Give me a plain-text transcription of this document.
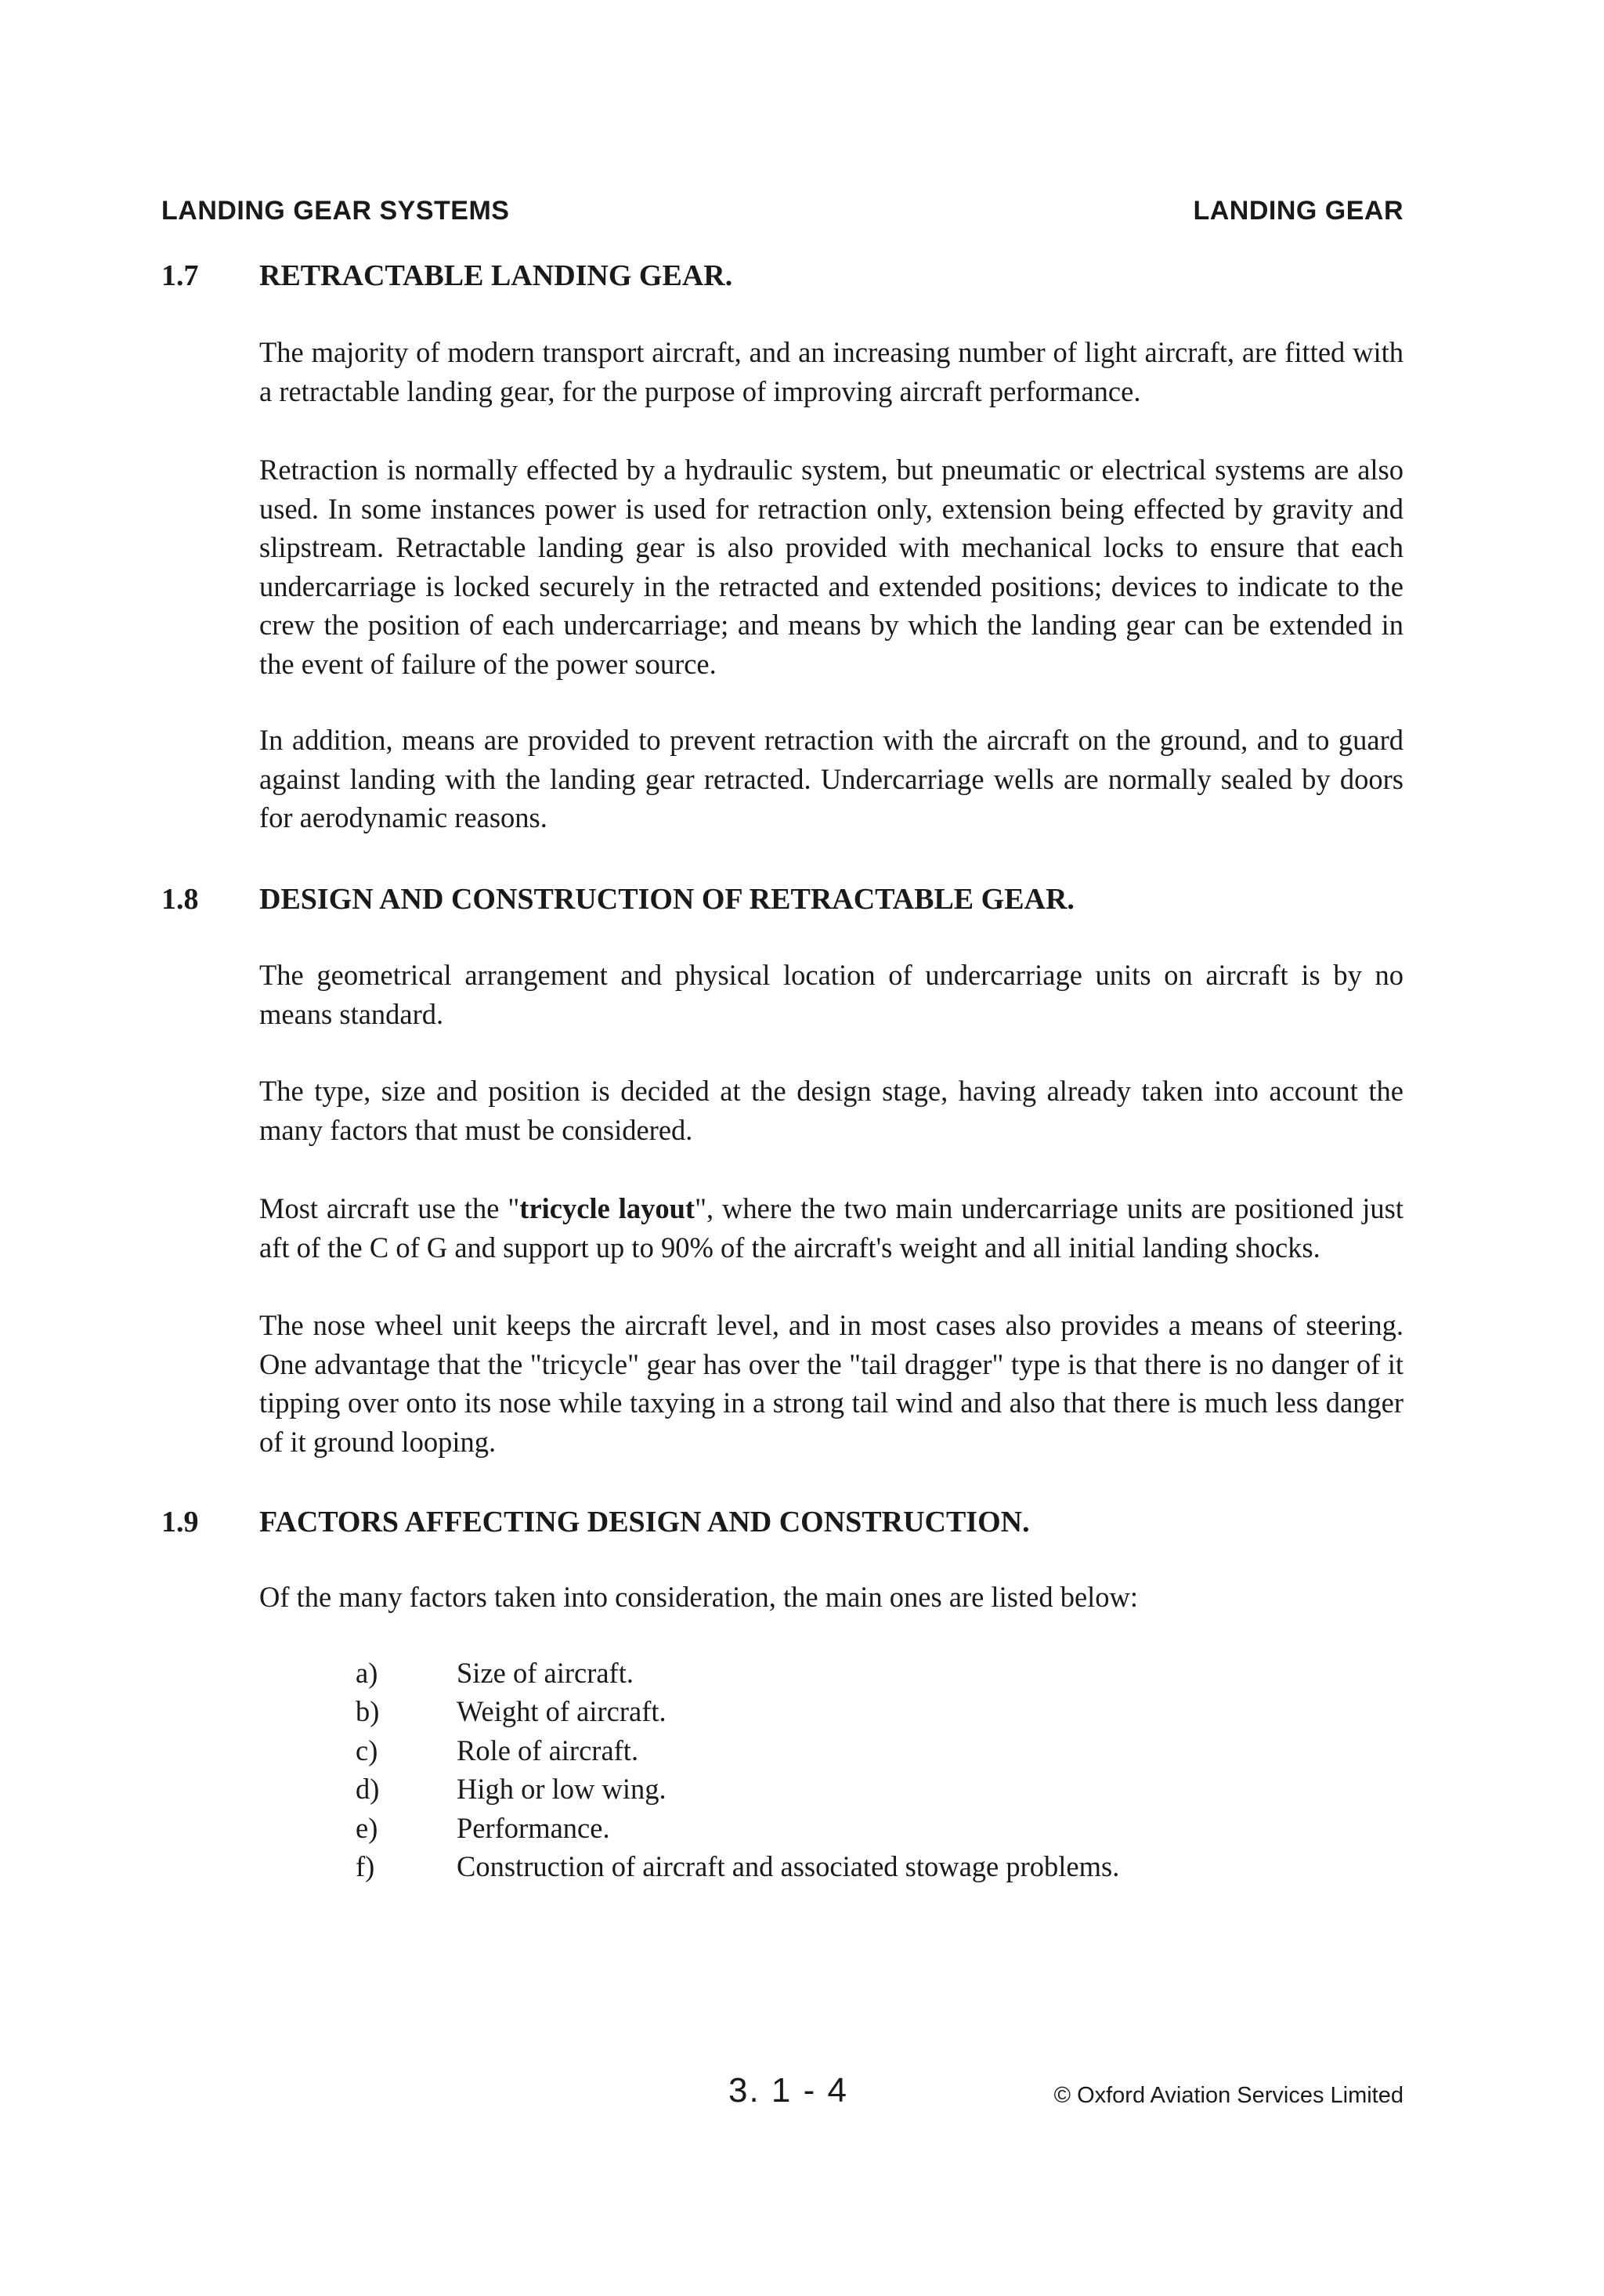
LANDING GEAR SYSTEMS	LANDING GEAR
1.7 RETRACTABLE LANDING GEAR.

The majority of modern transport aircraft, and an increasing number of light aircraft, are fitted with a retractable landing gear, for the purpose of improving aircraft performance.

Retraction is normally effected by a hydraulic system, but pneumatic or electrical systems are also used. In some instances power is used for retraction only, extension being effected by gravity and slipstream. Retractable landing gear is also provided with mechanical locks to ensure that each undercarriage is locked securely in the retracted and extended positions; devices to indicate to the crew the position of each undercarriage; and means by which the landing gear can be extended in the event of failure of the power source.

In addition, means are provided to prevent retraction with the aircraft on the ground, and to guard against landing with the landing gear retracted. Undercarriage wells are normally sealed by doors for aerodynamic reasons.

1.8 DESIGN AND CONSTRUCTION OF RETRACTABLE GEAR.

The geometrical arrangement and physical location of undercarriage units on aircraft is by no means standard.

The type, size and position is decided at the design stage, having already taken into account the many factors that must be considered.

Most aircraft use the "tricycle layout", where the two main undercarriage units are positioned just aft of the C of G and support up to 90% of the aircraft's weight and all initial landing shocks.

The nose wheel unit keeps the aircraft level, and in most cases also provides a means of steering. One advantage that the "tricycle" gear has over the "tail dragger" type is that there is no danger of it tipping over onto its nose while taxying in a strong tail wind and also that there is much less danger of it ground looping.

1.9 FACTORS AFFECTING DESIGN AND CONSTRUCTION.

Of the many factors taken into consideration, the main ones are listed below:

a)	Size of aircraft.
b)	Weight of aircraft.
c)	Role of aircraft.
d)	High or low wing.
e)	Performance.
f)	Construction of aircraft and associated stowage problems.
3. 1 - 4	© Oxford Aviation Services Limited
